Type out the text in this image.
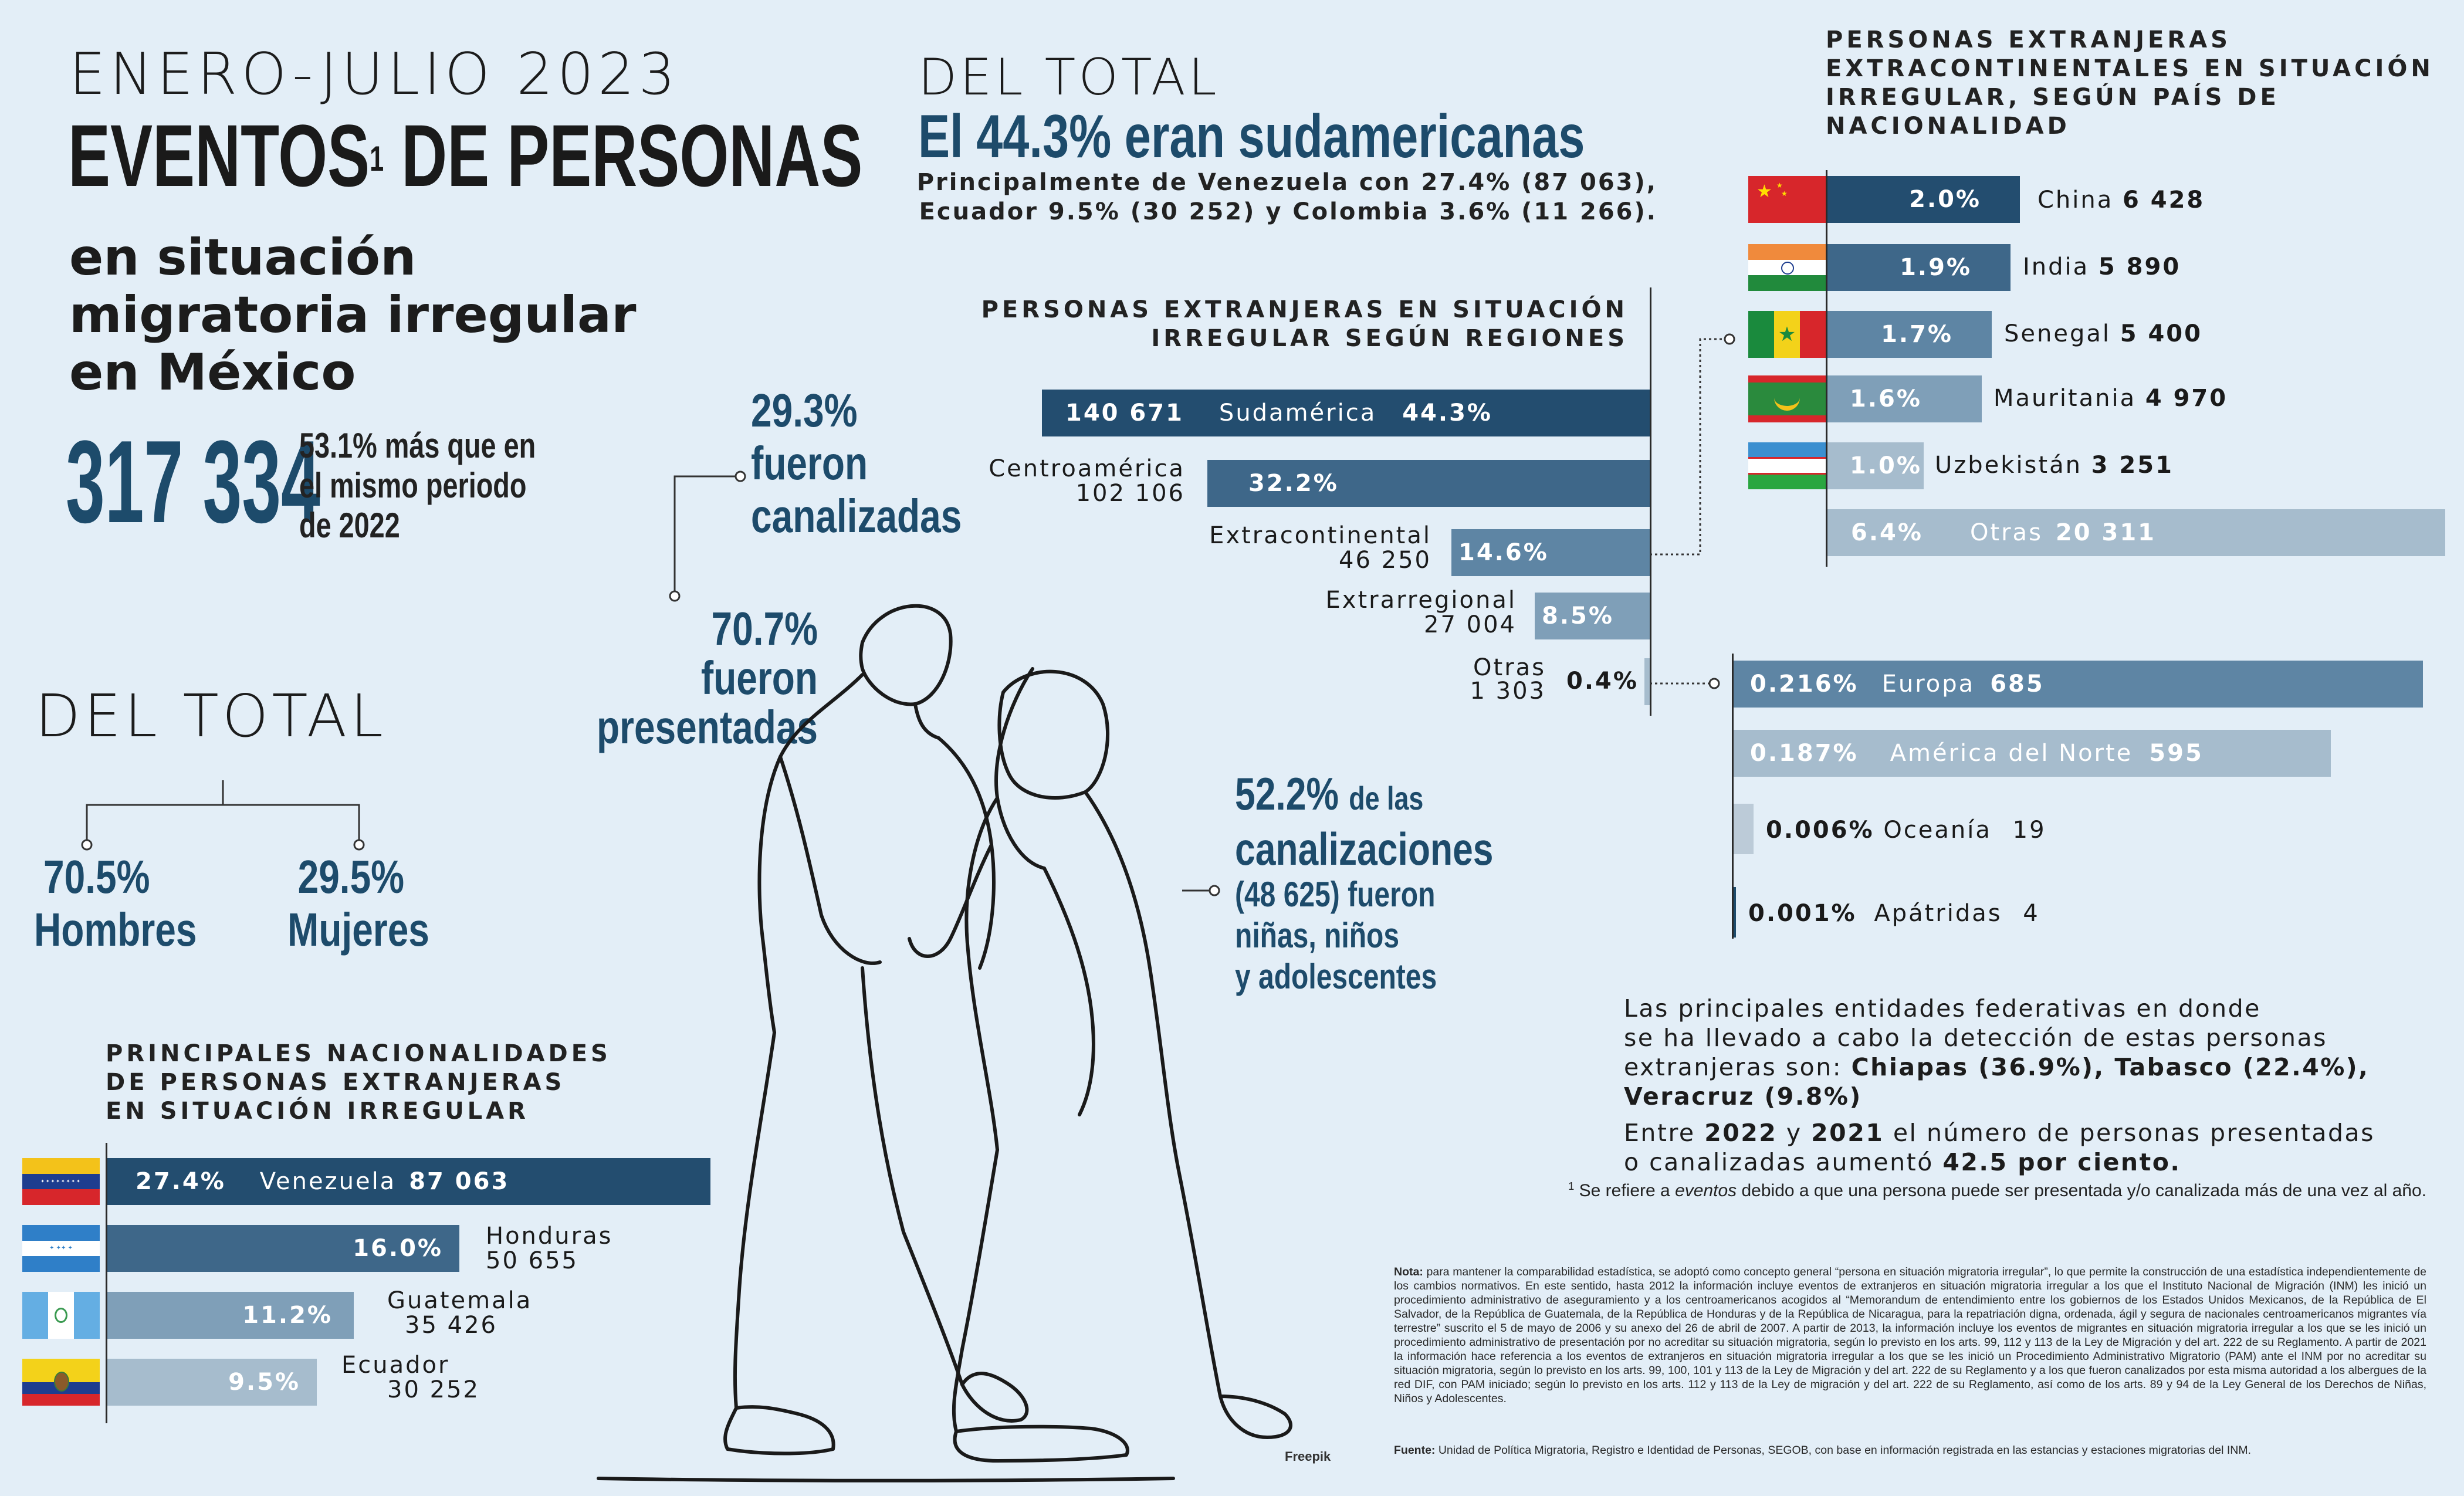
ENERO-JULIO 2023
EVENTOS$^1$ DE PERSONAS
en situación
migratoria irregular
en México
317 334
53.1% más que en
el mismo periodo
de 2022
29.3%
fueron
canalizadas
70.7%
fueron
presentadas
52.2% de las
canalizaciones
(48 625) fueron
niñas, niños
y adolescentes
DEL TOTAL
70.5%
Hombres
29.5%
Mujeres
DEL TOTAL
El 44.3% eran sudamericanas
Principalmente de Venezuela con 27.4% (87 063),
Ecuador 9.5% (30 252) y Colombia 3.6% (11 266).
PERSONAS EXTRANJERAS EN SITUACIÓN
IRREGULAR SEGÚN REGIONES
140 671 Sudamérica 44.3%
Centroamérica
102 106	32.2%
Extracontinental
46 250 14.6%
Extrarregional
27 004 8.5%
Otras
1 303 0.4%
PERSONAS EXTRANJERAS
EXTRACONTINENTALES EN SITUACIÓN
IRREGULAR, SEGÚN PAÍS DE
NACIONALIDAD
★ ★
★
★
2.0% China 6 428
1.9% India 5 890
1.7% Senegal 5 400
1.6%	Mauritania 4 970
1.0% Uzbekistán 3 251
6.4% Otras 20 311
0.216% Europa 685
0.187% América del Norte 595
0.006% Oceanía 19
0.001% Apátridas 4
PRINCIPALES NACIONALIDADES
DE PERSONAS EXTRANJERAS
EN SITUACIÓN IRREGULAR
✦✦✦✦✦✦✦✦
✦ ✦✦ ✦
27.4% Venezuela 87 063
16.0% Honduras
50 655
11.2%
Guatemala
35 426
9.5%
Ecuador
30 252
Freepik
Las principales entidades federativas en donde
se ha llevado a cabo la detección de estas personas
extranjeras son: Chiapas (36.9%), Tabasco (22.4%),
Veracruz (9.8%)
Entre 2022 y 2021 el número de personas presentadas
o canalizadas aumentó 42.5 por ciento.
$^1$ Se refiere a eventos debido a que una persona puede ser presentada y/o canalizada más de una vez al año.
Nota: para mantener la comparabilidad estadística, se adoptó como concepto general “persona en situación migratoria irregular”, lo que permite la construcción de una estadística independientemente de los cambios normativos. En este sentido, hasta 2012 la información incluye eventos de extranjeros en situación migratoria irregular a los que el Instituto Nacional de Migración (INM) les inició un procedimiento administrativo de aseguramiento y a los centroamericanos acogidos al “Memorandum de entendimiento entre los gobiernos de los Estados Unidos Mexicanos, de la República de El Salvador, de la República de Guatemala, de la República de Honduras y de la República de Nicaragua, para la repatriación digna, ordenada, ágil y segura de nacionales centroamericanos migrantes vía terrestre” suscrito el 5 de mayo de 2006 y su anexo del 26 de abril de 2007. A partir de 2013, la información incluye los eventos de migrantes en situación migratoria irregular a los que se les inició un procedimiento administrativo de presentación por no acreditar su situación migratoria, según lo previsto en los arts. 99, 112 y 113 de la Ley de Migración y del art. 222 de su Reglamento. A partir de 2021 la información hace referencia a los eventos de extranjeros en situación migratoria irregular a los que se les inició un Procedimiento Administrativo Migratorio (PAM) ante el INM por no acreditar su situación migratoria, según lo previsto en los arts. 99, 100, 101 y 113 de la Ley de Migración y del art. 222 de su Reglamento y a los que fueron canalizados por esta misma autoridad a los albergues de la red DIF, con PAM iniciado; según lo previsto en los arts. 112 y 113 de la Ley de migración y del art. 222 de su Reglamento, así como de los arts. 89 y 94 de la Ley General de los Derechos de Niñas, Niños y Adolescentes.
Fuente: Unidad de Política Migratoria, Registro e Identidad de Personas, SEGOB, con base en información registrada en las estancias y estaciones migratorias del INM.
